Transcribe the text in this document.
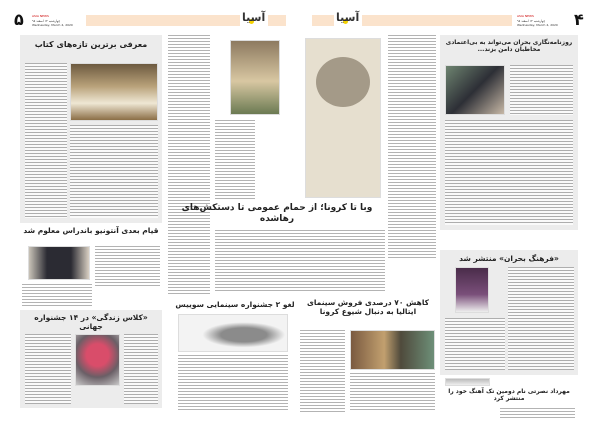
۵	ASIA NEWS
چهارشنبه ۱۴ اسفند ۹۸
Wednesday, March 4, 2020
آسیا	آسیا	ASIA NEWS
چهارشنبه ۱۴ اسفند ۹۸
Wednesday, March 4, 2020 ۴
معرفی برترین تازه‌های کتاب
قیام بعدی آنتونیو باندراس معلوم شد
«کلاس زندگی» در ۱۴ جشنواره جهانی
وبا تا کرونا؛ از حمام عمومی تا دستکش‌های رهاشده
لغو ۲ جشنواره سینمایی سوییس	کاهش ۷۰ درصدی فروش سینمای ایتالیا به دنبال شیوع کرونا
روزنامه‌نگاری بحران می‌تواند به بی‌اعتمادی مخاطبان دامن بزند...
«فرهنگ بحران» منتشر شد
مهرداد نصرتی نام دومین تک آهنگ خود را منتشر کرد
